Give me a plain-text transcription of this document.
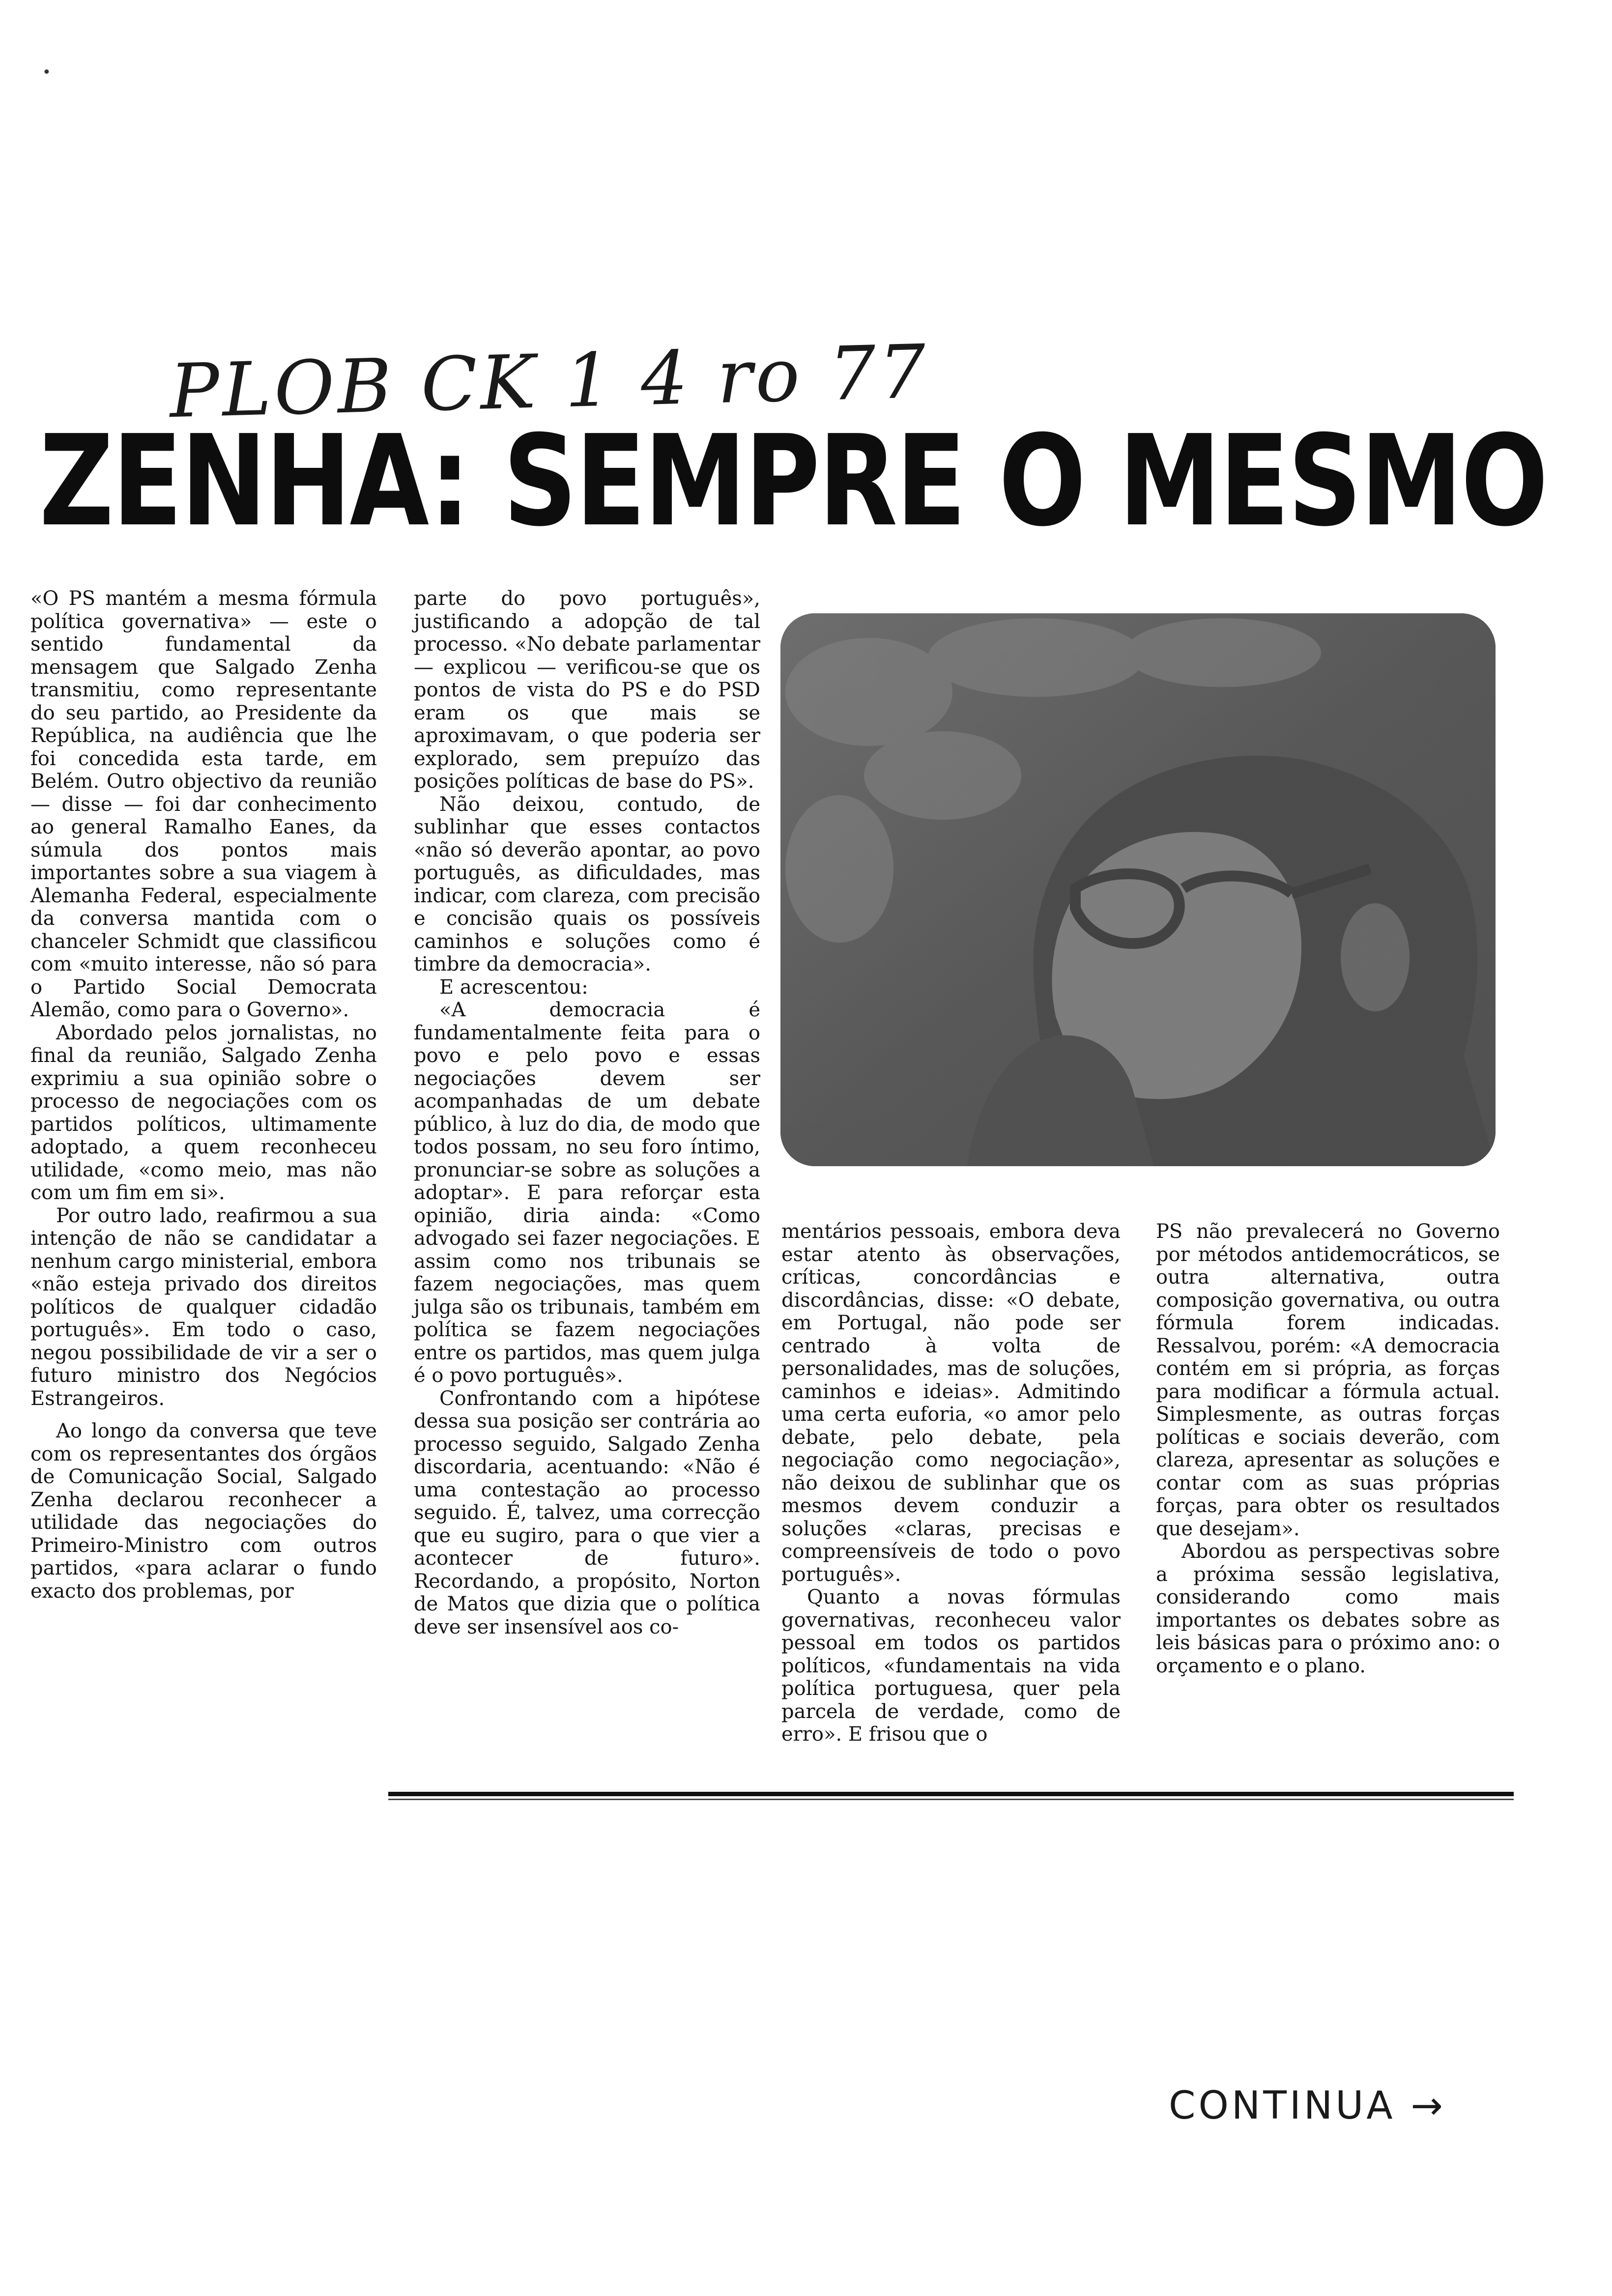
•
PLOB CK 1 4 ro 77
ZENHA: SEMPRE O MESMO

«O PS mantém a mesma fórmula política governativa» — este o sentido fundamental da mensagem que Salgado Zenha transmitiu, como representante do seu partido, ao Presidente da República, na audiência que lhe foi concedida esta tarde, em Belém. Outro objectivo da reunião — disse — foi dar conhecimento ao general Ramalho Eanes, da súmula dos pontos mais importantes sobre a sua viagem à Alemanha Federal, especialmente da conversa mantida com o chanceler Schmidt que classificou com «muito interesse, não só para o Partido Social Democrata Alemão, como para o Governo».

Abordado pelos jornalistas, no final da reunião, Salgado Zenha exprimiu a sua opinião sobre o processo de negociações com os partidos políticos, ultimamente adoptado, a quem reconheceu utilidade, «como meio, mas não com um fim em si».

Por outro lado, reafirmou a sua intenção de não se candidatar a nenhum cargo ministerial, embora «não esteja privado dos direitos políticos de qualquer cidadão português». Em todo o caso, negou possibilidade de vir a ser o futuro ministro dos Negócios Estrangeiros.

Ao longo da conversa que teve com os representantes dos órgãos de Comunicação Social, Salgado Zenha declarou reconhecer a utilidade das negociações do Primeiro-Ministro com outros partidos, «para aclarar o fundo exacto dos problemas, por

parte do povo português», justificando a adopção de tal processo. «No debate parlamentar — explicou — verificou-se que os pontos de vista do PS e do PSD eram os que mais se aproximavam, o que poderia ser explorado, sem prepuízo das posições políticas de base do PS».

Não deixou, contudo, de sublinhar que esses contactos «não só deverão apontar, ao povo português, as dificuldades, mas indicar, com clareza, com precisão e concisão quais os possíveis caminhos e soluções como é timbre da democracia».

E acrescentou:

«A democracia é fundamentalmente feita para o povo e pelo povo e essas negociações devem ser acompanhadas de um debate público, à luz do dia, de modo que todos possam, no seu foro íntimo, pronunciar-se sobre as soluções a adoptar». E para reforçar esta opinião, diria ainda: «Como advogado sei fazer negociações. E assim como nos tribunais se fazem negociações, mas quem julga são os tribunais, também em política se fazem negociações entre os partidos, mas quem julga é o povo português».

Confrontando com a hipótese dessa sua posição ser contrária ao processo seguido, Salgado Zenha discordaria, acentuando: «Não é uma contestação ao processo seguido. É, talvez, uma correcção que eu sugiro, para o que vier a acontecer de futuro». Recordando, a propósito, Norton de Matos que dizia que o política deve ser insensível aos co-

mentários pessoais, embora deva estar atento às observações, críticas, concordâncias e discordâncias, disse: «O debate, em Portugal, não pode ser centrado à volta de personalidades, mas de soluções, caminhos e ideias». Admitindo uma certa euforia, «o amor pelo debate, pelo debate, pela negociação como negociação», não deixou de sublinhar que os mesmos devem conduzir a soluções «claras, precisas e compreensíveis de todo o povo português».

Quanto a novas fórmulas governativas, reconheceu valor pessoal em todos os partidos políticos, «fundamentais na vida política portuguesa, quer pela parcela de verdade, como de erro». E frisou que o

PS não prevalecerá no Governo por métodos antidemocráticos, se outra alternativa, outra composição governativa, ou outra fórmula forem indicadas. Ressalvou, porém: «A democracia contém em si própria, as forças para modificar a fórmula actual. Simplesmente, as outras forças políticas e sociais deverão, com clareza, apresentar as soluções e contar com as suas próprias forças, para obter os resultados que desejam».

Abordou as perspectivas sobre a próxima sessão legislativa, considerando como mais importantes os debates sobre as leis básicas para o próximo ano: o orçamento e o plano.

CONTINUA →
